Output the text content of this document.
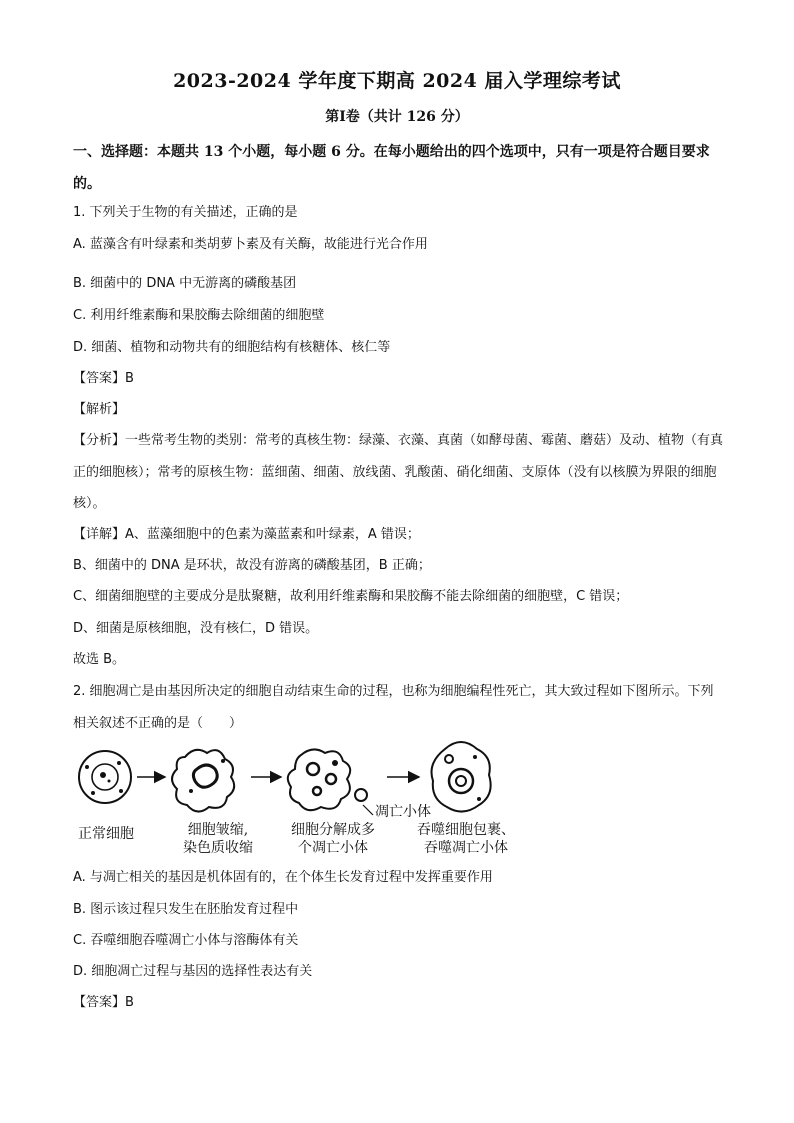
2023-2024 学年度下期高 2024 届入学理综考试
第Ⅰ卷（共计 126 分）
一、选择题：本题共 13 个小题，每小题 6 分。在每小题给出的四个选项中，只有一项是符合题目要求的。
1. 下列关于生物的有关描述，正确的是
A. 蓝藻含有叶绿素和类胡萝卜素及有关酶，故能进行光合作用
B. 细菌中的 DNA 中无游离的磷酸基团
C. 利用纤维素酶和果胶酶去除细菌的细胞壁
D. 细菌、植物和动物共有的细胞结构有核糖体、核仁等
【答案】B
【解析】
【分析】一些常考生物的类别：常考的真核生物：绿藻、衣藻、真菌（如酵母菌、霉菌、蘑菇）及动、植物（有真正的细胞核）；常考的原核生物：蓝细菌、细菌、放线菌、乳酸菌、硝化细菌、支原体（没有以核膜为界限的细胞核）。
【详解】A、蓝藻细胞中的色素为藻蓝素和叶绿素，A 错误；
B、细菌中的 DNA 是环状，故没有游离的磷酸基团，B 正确；
C、细菌细胞壁的主要成分是肽聚糖，故利用纤维素酶和果胶酶不能去除细菌的细胞壁，C 错误；
D、细菌是原核细胞，没有核仁，D 错误。
故选 B。
2. 细胞凋亡是由基因所决定的细胞自动结束生命的过程，也称为细胞编程性死亡，其大致过程如下图所示。下列相关叙述不正确的是（　　）
凋亡小体
正常细胞	细胞皱缩,
染色质收缩
细胞分解成多
个凋亡小体
吞噬细胞包裹、
吞噬凋亡小体
A. 与凋亡相关的基因是机体固有的，在个体生长发育过程中发挥重要作用
B. 图示该过程只发生在胚胎发育过程中
C. 吞噬细胞吞噬凋亡小体与溶酶体有关
D. 细胞凋亡过程与基因的选择性表达有关
【答案】B
